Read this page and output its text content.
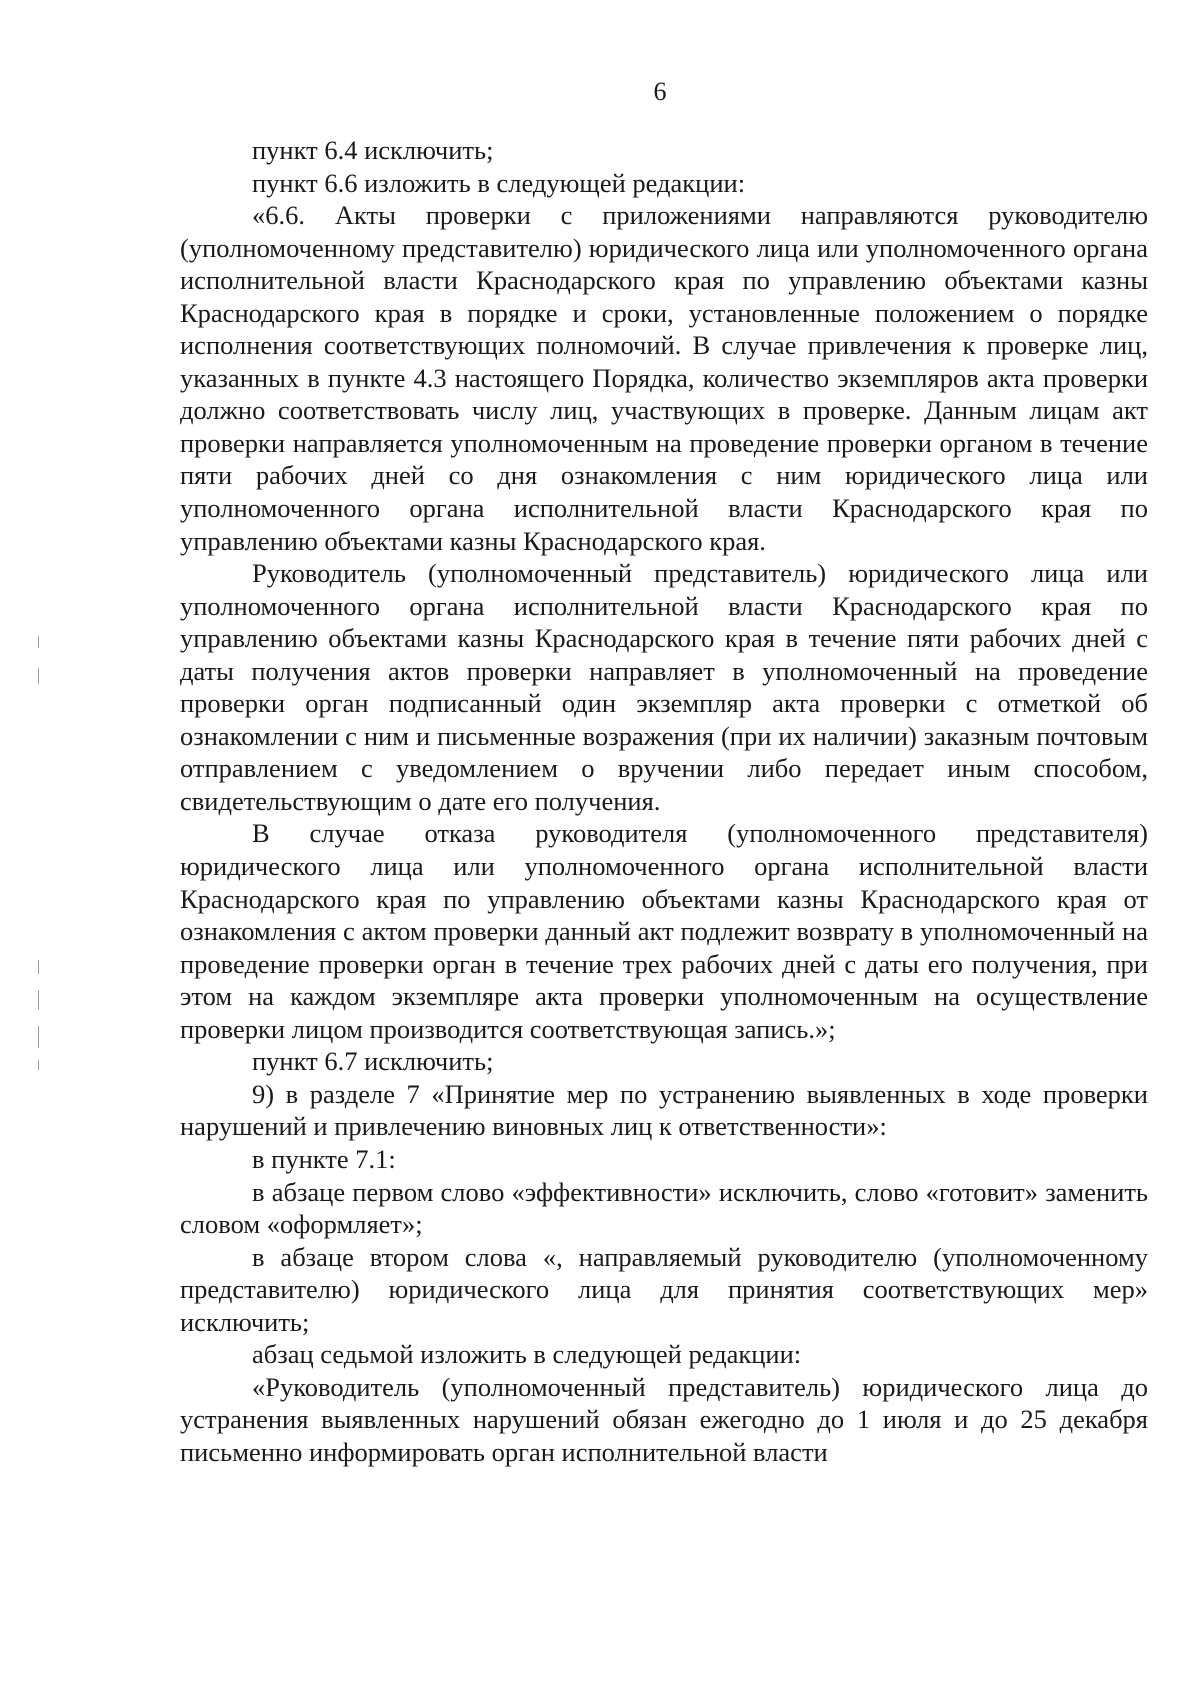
6

пункт 6.4 исключить;

пункт 6.6 изложить в следующей редакции:

«6.6. Акты проверки с приложениями направляются руководителю (уполномоченному представителю) юридического лица или уполномоченного органа исполнительной власти Краснодарского края по управлению объектами казны Краснодарского края в порядке и сроки, установленные положением о порядке исполнения соответствующих полномочий. В случае привлечения к проверке лиц, указанных в пункте 4.3 настоящего Порядка, количество экземпляров акта проверки должно соответствовать числу лиц, участвующих в проверке. Данным лицам акт проверки направляется уполномоченным на проведение проверки органом в течение пяти рабочих дней со дня ознакомления с ним юридического лица или уполномоченного органа исполнительной власти Краснодарского края по управлению объектами казны Краснодарского края.

Руководитель (уполномоченный представитель) юридического лица или уполномоченного органа исполнительной власти Краснодарского края по управлению объектами казны Краснодарского края в течение пяти рабочих дней с даты получения актов проверки направляет в уполномоченный на проведение проверки орган подписанный один экземпляр акта проверки с отметкой об ознакомлении с ним и письменные возражения (при их наличии) заказным почтовым отправлением с уведомлением о вручении либо передает иным способом, свидетельствующим о дате его получения.

В случае отказа руководителя (уполномоченного представителя) юридического лица или уполномоченного органа исполнительной власти Краснодарского края по управлению объектами казны Краснодарского края от ознакомления с актом проверки данный акт подлежит возврату в уполномоченный на проведение проверки орган в течение трех рабочих дней с даты его получения, при этом на каждом экземпляре акта проверки уполномоченным на осуществление проверки лицом производится соответствующая запись.»;

пункт 6.7 исключить;

9) в разделе 7 «Принятие мер по устранению выявленных в ходе проверки нарушений и привлечению виновных лиц к ответственности»:

в пункте 7.1:

в абзаце первом слово «эффективности» исключить, слово «готовит» заменить словом «оформляет»;

в абзаце втором слова «, направляемый руководителю (уполномоченному представителю) юридического лица для принятия соответствующих мер» исключить;

абзац седьмой изложить в следующей редакции:

«Руководитель (уполномоченный представитель) юридического лица до устранения выявленных нарушений обязан ежегодно до 1 июля и до 25 декабря письменно информировать орган исполнительной власти
